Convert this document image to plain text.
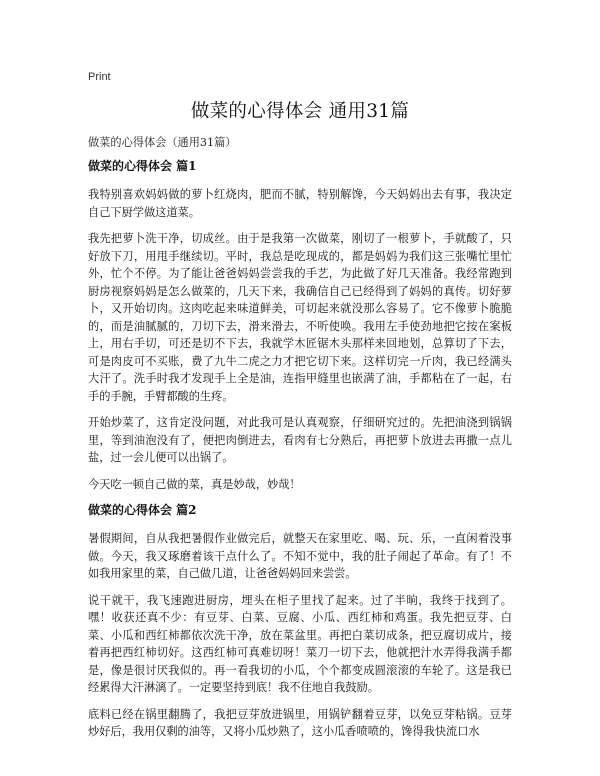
Print
做菜的心得体会 通用31篇
做菜的心得体会（通用31篇）
做菜的心得体会 篇1

我特别喜欢妈妈做的萝卜红烧肉，肥而不腻，特别解馋，今天妈妈出去有事，我决定自己下厨学做这道菜。

我先把萝卜洗干净，切成丝。由于是我第一次做菜，刚切了一根萝卜，手就酸了，只好放下刀，用甩手继续切。平时，我总是吃现成的，都是妈妈为我们这三张嘴忙里忙外，忙个不停。为了能让爸爸妈妈尝尝我的手艺，为此做了好几天准备。我经常跑到厨房视察妈妈是怎么做菜的，几天下来，我确信自己已经得到了妈妈的真传。切好萝卜，又开始切肉。这肉吃起来味道鲜美，可切起来就没那么容易了。它不像萝卜脆脆的，而是油腻腻的，刀切下去，滑来滑去，不听使唤。我用左手使劲地把它按在案板上，用右手切，可还是切不下去，我就学木匠锯木头那样来回地划，总算切了下去，可是肉皮可不买账，费了九牛二虎之力才把它切下来。这样切完一斤肉，我已经满头大汗了。洗手时我才发现手上全是油，连指甲缝里也嵌满了油，手都粘在了一起，右手的手腕，手臂都酸的生疼。

开始炒菜了，这肯定没问题，对此我可是认真观察，仔细研究过的。先把油浇到锅锅里，等到油泡没有了，便把肉倒进去，看肉有七分熟后，再把萝卜放进去再撒一点儿盐，过一会儿便可以出锅了。

今天吃一顿自己做的菜，真是妙哉，妙哉！

做菜的心得体会 篇2

暑假期间，自从我把暑假作业做完后，就整天在家里吃、喝、玩、乐，一直闲着没事做。今天，我又琢磨着该干点什么了。不知不觉中，我的肚子闹起了革命。有了！不如我用家里的菜，自己做几道，让爸爸妈妈回来尝尝。

说干就干，我飞速跑进厨房，埋头在柜子里找了起来。过了半晌，我终于找到了。嘿！收获还真不少：有豆芽、白菜、豆腐、小瓜、西红柿和鸡蛋。我先把豆芽、白菜、小瓜和西红柿都依次洗干净，放在菜盆里。再把白菜切成条，把豆腐切成片，接着再把西红柿切好。这西红柿可真难切呀！菜刀一切下去，他就把汁水弄得我满手都是，像是很讨厌我似的。再一看我切的小瓜，个个都变成圆滚滚的车轮了。这是我已经累得大汗淋漓了。一定要坚持到底！我不住地自我鼓励。

底料已经在锅里翻腾了，我把豆芽放进锅里，用锅铲翻着豆芽，以免豆芽粘锅。豆芽炒好后，我用仅剩的油等，又将小瓜炒熟了，这小瓜香喷喷的，馋得我快流口水
